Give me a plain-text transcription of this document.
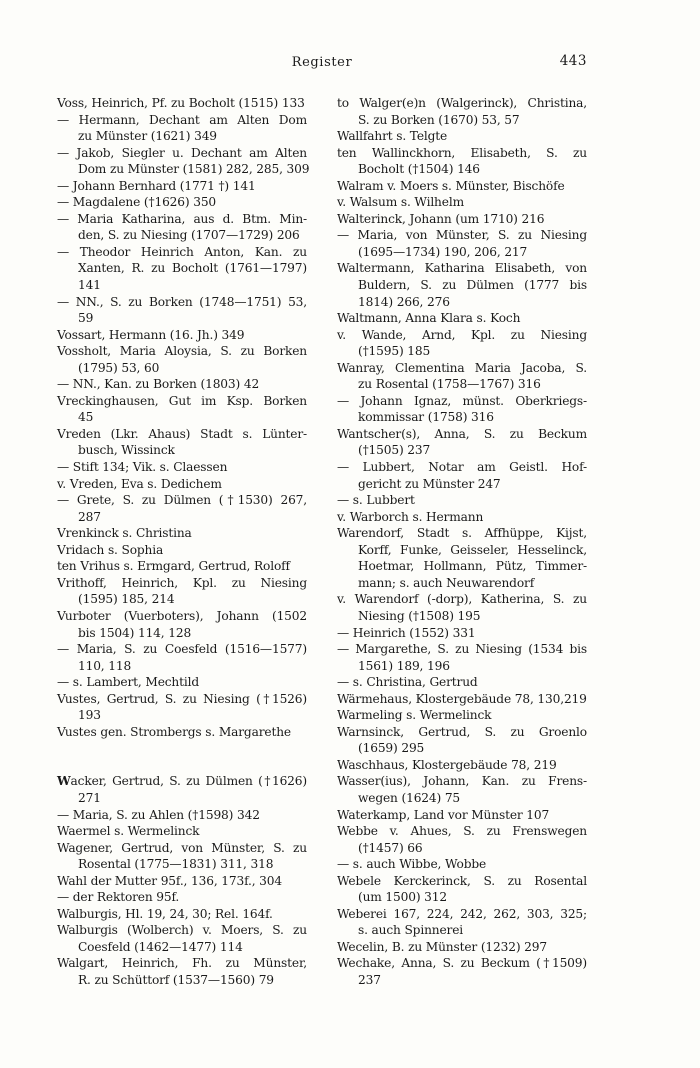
Register	443
Voss, Heinrich, Pf. zu Bocholt (1515) 133
— Hermann, Dechant am Alten Dom
zu Münster (1621) 349
— Jakob, Siegler u. Dechant am Alten
Dom zu Münster (1581) 282, 285, 309
— Johann Bernhard (1771 †) 141
— Magdalene (†1626) 350
— Maria Katharina, aus d. Btm. Min-
den, S. zu Niesing (1707—1729) 206
— Theodor Heinrich Anton, Kan. zu
Xanten, R. zu Bocholt (1761—1797)
141
— NN., S. zu Borken (1748—1751) 53,
59
Vossart, Hermann (16. Jh.) 349
Vossholt, Maria Aloysia, S. zu Borken
(1795) 53, 60
— NN., Kan. zu Borken (1803) 42
Vreckinghausen, Gut im Ksp. Borken
45
Vreden (Lkr. Ahaus) Stadt s. Lünter-
busch, Wissinck
— Stift 134; Vik. s. Claessen
v. Vreden, Eva s. Dedichem
— Grete, S. zu Dülmen (†1530) 267,
287
Vrenkinck s. Christina
Vridach s. Sophia
ten Vrihus s. Ermgard, Gertrud, Roloff
Vrithoff, Heinrich, Kpl. zu Niesing
(1595) 185, 214
Vurboter (Vuerboters), Johann (1502
bis 1504) 114, 128
— Maria, S. zu Coesfeld (1516—1577)
110, 118
— s. Lambert, Mechtild
Vustes, Gertrud, S. zu Niesing (†1526)
193
Vustes gen. Strombergs s. Margarethe
Wacker, Gertrud, S. zu Dülmen (†1626)
271
— Maria, S. zu Ahlen (†1598) 342
Waermel s. Wermelinck
Wagener, Gertrud, von Münster, S. zu
Rosental (1775—1831) 311, 318
Wahl der Mutter 95f., 136, 173f., 304
— der Rektoren 95f.
Walburgis, Hl. 19, 24, 30; Rel. 164f.
Walburgis (Wolberch) v. Moers, S. zu
Coesfeld (1462—1477) 114
Walgart, Heinrich, Fh. zu Münster,
R. zu Schüttorf (1537—1560) 79
to Walger(e)n (Walgerinck), Christina,
S. zu Borken (1670) 53, 57
Wallfahrt s. Telgte
ten Wallinckhorn, Elisabeth, S. zu
Bocholt (†1504) 146
Walram v. Moers s. Münster, Bischöfe
v. Walsum s. Wilhelm
Walterinck, Johann (um 1710) 216
— Maria, von Münster, S. zu Niesing
(1695—1734) 190, 206, 217
Waltermann, Katharina Elisabeth, von
Buldern, S. zu Dülmen (1777 bis
1814) 266, 276
Waltmann, Anna Klara s. Koch
v. Wande, Arnd, Kpl. zu Niesing
(†1595) 185
Wanray, Clementina Maria Jacoba, S.
zu Rosental (1758—1767) 316
— Johann Ignaz, münst. Oberkriegs-
kommissar (1758) 316
Wantscher(s), Anna, S. zu Beckum
(†1505) 237
— Lubbert, Notar am Geistl. Hof-
gericht zu Münster 247
— s. Lubbert
v. Warborch s. Hermann
Warendorf, Stadt s. Affhüppe, Kijst,
Korff, Funke, Geisseler, Hesselinck,
Hoetmar, Hollmann, Pütz, Timmer-
mann; s. auch Neuwarendorf
v. Warendorf (-dorp), Katherina, S. zu
Niesing (†1508) 195
— Heinrich (1552) 331
— Margarethe, S. zu Niesing (1534 bis
1561) 189, 196
— s. Christina, Gertrud
Wärmehaus, Klostergebäude 78, 130,219
Warmeling s. Wermelinck
Warnsinck, Gertrud, S. zu Groenlo
(1659) 295
Waschhaus, Klostergebäude 78, 219
Wasser(ius), Johann, Kan. zu Frens-
wegen (1624) 75
Waterkamp, Land vor Münster 107
Webbe v. Ahues, S. zu Frenswegen
(†1457) 66
— s. auch Wibbe, Wobbe
Webele Kerckerinck, S. zu Rosental
(um 1500) 312
Weberei 167, 224, 242, 262, 303, 325;
s. auch Spinnerei
Wecelin, B. zu Münster (1232) 297
Wechake, Anna, S. zu Beckum (†1509)
237
